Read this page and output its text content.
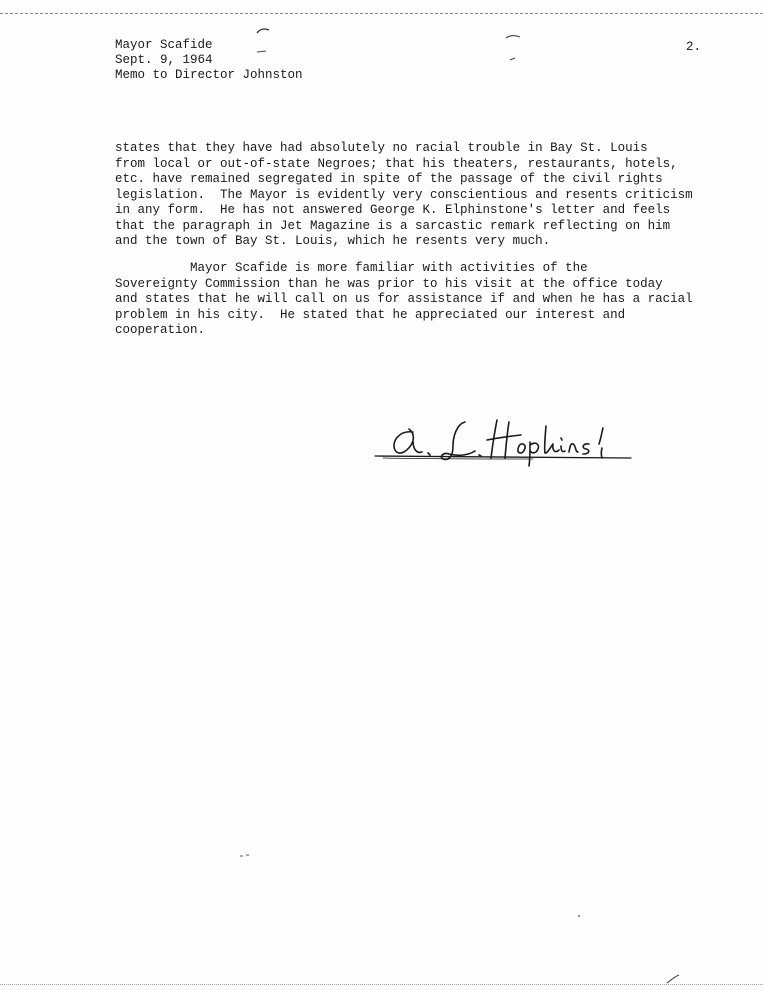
Mayor Scafide
Sept. 9, 1964
Memo to Director Johnston
2.
states that they have had absolutely no racial trouble in Bay St. Louis
from local or out-of-state Negroes; that his theaters, restaurants, hotels,
etc. have remained segregated in spite of the passage of the civil rights
legislation.  The Mayor is evidently very conscientious and resents criticism
in any form.  He has not answered George K. Elphinstone's letter and feels
that the paragraph in Jet Magazine is a sarcastic remark reflecting on him
and the town of Bay St. Louis, which he resents very much.
Mayor Scafide is more familiar with activities of the
Sovereignty Commission than he was prior to his visit at the office today
and states that he will call on us for assistance if and when he has a racial
problem in his city.  He stated that he appreciated our interest and
cooperation.
